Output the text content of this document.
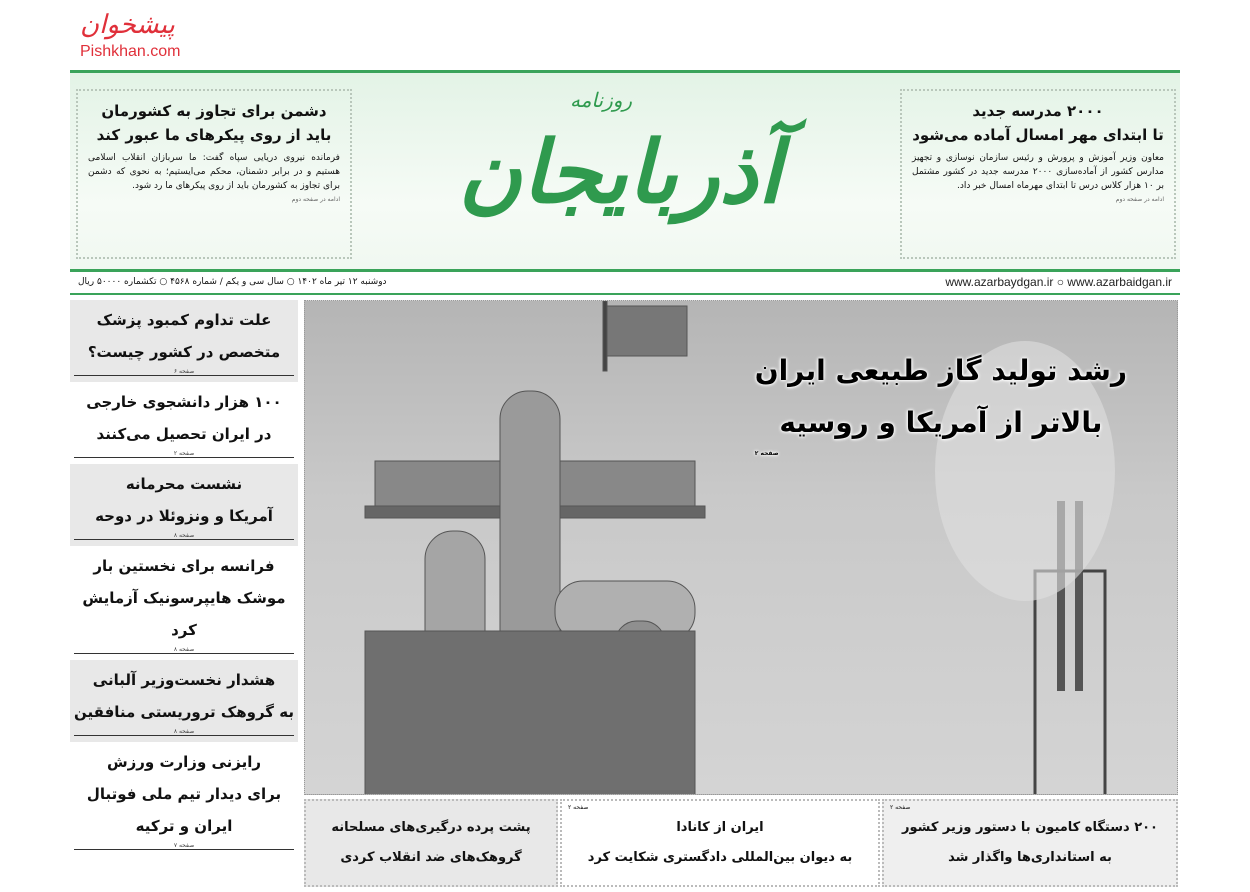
دشمن برای تجاوز به کشورمان
باید از روی پیکرهای ما عبور کند

فرمانده نیروی دریایی سپاه گفت: ما سربازان انقلاب اسلامی هستیم و در برابر دشمنان، محکم می‌ایستیم؛ به نحوی که دشمن برای تجاوز به کشورمان باید از روی پیکرهای ما رد شود.

ادامه در صفحه دوم
روزنامه
آذربایجان
۲۰۰۰ مدرسه جدید
تا ابتدای مهر امسال آماده می‌شود

معاون وزیر آموزش و پرورش و رئیس سازمان نوسازی و تجهیز مدارس کشور از آماده‌سازی ۲۰۰۰ مدرسه جدید در کشور مشتمل بر ۱۰ هزار کلاس درس تا ابتدای مهرماه امسال خبر داد.

ادامه در صفحه دوم
دوشنبه ۱۲ تیر ماه ۱۴۰۲ ○ سال سی و یکم / شماره ۴۵۶۸ ○ تکشماره ۵۰۰۰۰ ریال	www.azarbaydgan.ir ○ www.azarbaidgan.ir
علت تداوم کمبود پزشک
متخصص در کشور چیست؟
صفحه ۶
۱۰۰ هزار دانشجوی خارجی
در ایران تحصیل می‌کنند
صفحه ۲
نشست محرمانه
آمریکا و ونزوئلا در دوحه
صفحه ۸
فرانسه برای نخستین بار
موشک هایپرسونیک آزمایش کرد
صفحه ۸
هشدار نخست‌وزیر آلبانی
به گروهک تروریستی منافقین
صفحه ۸
رایزنی وزارت ورزش
برای دیدار تیم ملی فوتبال
ایران و ترکیه
صفحه ۷
رشد تولید گاز طبیعی ایران
بالاتر از آمریکا و روسیه
صفحه ۲
صفحه ۲
۲۰۰ دستگاه کامیون با دستور وزیر کشور
به استانداری‌ها واگذار شد
صفحه ۲
ایران از کانادا
به دیوان بین‌المللی دادگستری شکایت کرد
پشت پرده درگیری‌های مسلحانه
گروهک‌های ضد انقلاب کردی
پیشخوان
Pishkhan.com
